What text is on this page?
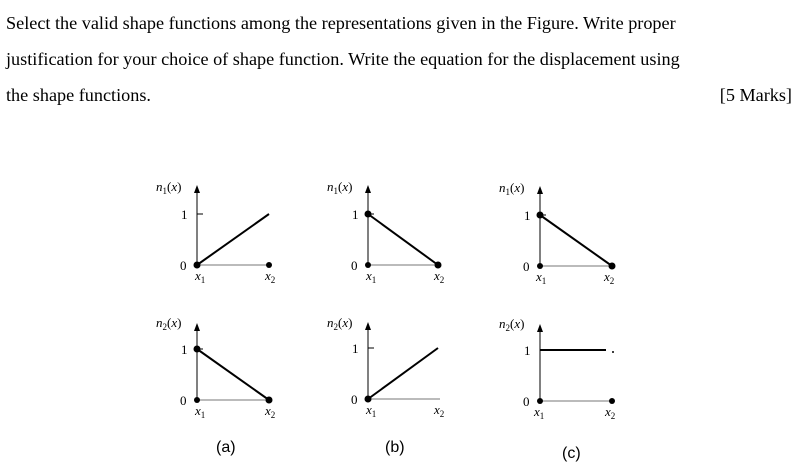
Select the valid shape functions among the representations given in the Figure. Write proper
justification for your choice of shape function. Write the equation for the displacement using
the shape functions.	[5 Marks]
$n_1(x)$
1
0
$x_1$	$x_2$
$n_2(x)$
1
0
$x_1$	$x_2$
$n_1(x)$
1
0
$x_1$	$x_2$
$n_2(x)$
1
0
$x_1$	$x_2$
$n_1(x)$
1
0
$x_1$	$x_2$
$n_2(x)$
1
0
$x_1$	$x_2$
(a)	(b)	(c)
